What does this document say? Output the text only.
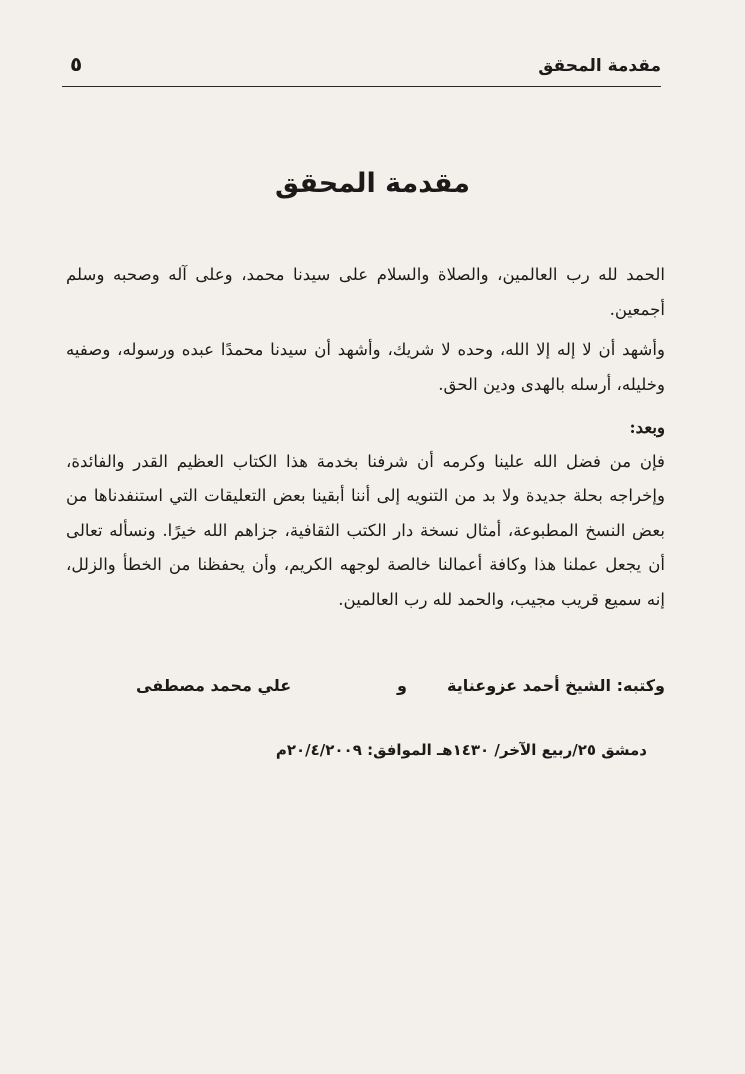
مقدمة المحقق
٥
مقدمة المحقق

الحمد لله رب العالمين، والصلاة والسلام على سيدنا محمد، وعلى آله وصحبه وسلم أجمعين.

وأشهد أن لا إله إلا الله، وحده لا شريك، وأشهد أن سيدنا محمدًا عبده ورسوله، وصفيه وخليله، أرسله بالهدى ودين الحق.

وبعد:

فإن من فضل الله علينا وكرمه أن شرفنا بخدمة هذا الكتاب العظيم القدر والفائدة، وإخراجه بحلة جديدة ولا بد من التنويه إلى أننا أبقينا بعض التعليقات التي استنفدناها من بعض النسخ المطبوعة، أمثال نسخة دار الكتب الثقافية، جزاهم الله خيرًا. ونسأله تعالى أن يجعل عملنا هذا وكافة أعمالنا خالصة لوجهه الكريم، وأن يحفظنا من الخطأ والزلل، إنه سميع قريب مجيب، والحمد لله رب العالمين.

وكتبه: الشيخ أحمد عزوعناية
و
علي محمد مصطفى
دمشق ٢٥/ربيع الآخر/ ١٤٣٠هـ الموافق: ٢٠/٤/٢٠٠٩م
